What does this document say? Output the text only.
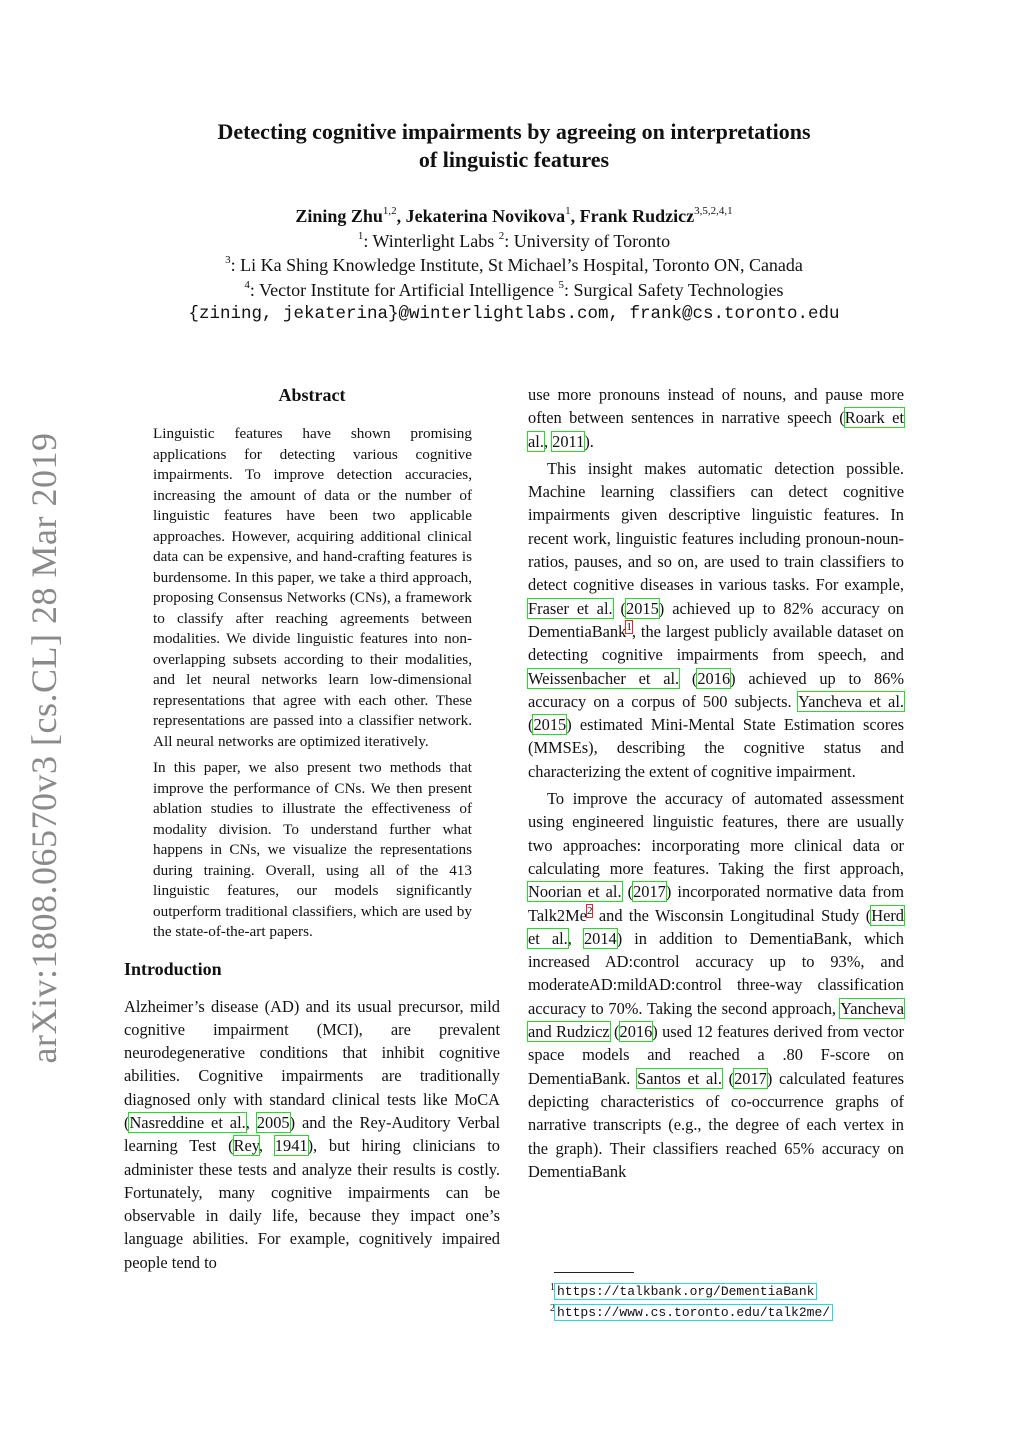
arXiv:1808.06570v3 [cs.CL] 28 Mar 2019
Detecting cognitive impairments by agreeing on interpretations
of linguistic features
Zining Zhu$^{1,2}$, Jekaterina Novikova$^1$, Frank Rudzicz$^{3,5,2,4,1}$
$^1$: Winterlight Labs $^2$: University of Toronto
$^3$: Li Ka Shing Knowledge Institute, St Michael’s Hospital, Toronto ON, Canada
$^4$: Vector Institute for Artificial Intelligence $^5$: Surgical Safety Technologies
{zining, jekaterina}@winterlightlabs.com, frank@cs.toronto.edu
Abstract

Linguistic features have shown promising applications for detecting various cognitive impairments. To improve detection accuracies, increasing the amount of data or the number of linguistic features have been two applicable approaches. However, acquiring additional clinical data can be expensive, and hand-crafting features is burdensome. In this paper, we take a third approach, proposing Consensus Networks (CNs), a framework to classify after reaching agreements between modalities. We divide linguistic features into non-overlapping subsets according to their modalities, and let neural networks learn low-dimensional representations that agree with each other. These representations are passed into a classifier network. All neural networks are optimized iteratively.

In this paper, we also present two methods that improve the performance of CNs. We then present ablation studies to illustrate the effectiveness of modality division. To understand further what happens in CNs, we visualize the representations during training. Overall, using all of the 413 linguistic features, our models significantly outperform traditional classifiers, which are used by the state-of-the-art papers.

Introduction

Alzheimer’s disease (AD) and its usual precursor, mild cognitive impairment (MCI), are prevalent neurodegenerative conditions that inhibit cognitive abilities. Cognitive impairments are traditionally diagnosed only with standard clinical tests like MoCA (Nasreddine et al., 2005) and the Rey-Auditory Verbal learning Test (Rey, 1941), but hiring clinicians to administer these tests and analyze their results is costly. Fortunately, many cognitive impairments can be observable in daily life, because they impact one’s language abilities. For example, cognitively impaired people tend to

use more pronouns instead of nouns, and pause more often between sentences in narrative speech (Roark et al., 2011).

This insight makes automatic detection possible. Machine learning classifiers can detect cognitive impairments given descriptive linguistic features. In recent work, linguistic features including pronoun-noun-ratios, pauses, and so on, are used to train classifiers to detect cognitive diseases in various tasks. For example, Fraser et al. (2015) achieved up to 82% accuracy on DementiaBank$^1$, the largest publicly available dataset on detecting cognitive impairments from speech, and Weissenbacher et al. (2016) achieved up to 86% accuracy on a corpus of 500 subjects. Yancheva et al. (2015) estimated Mini-Mental State Estimation scores (MMSEs), describing the cognitive status and characterizing the extent of cognitive impairment.

To improve the accuracy of automated assessment using engineered linguistic features, there are usually two approaches: incorporating more clinical data or calculating more features. Taking the first approach, Noorian et al. (2017) incorporated normative data from Talk2Me$^2$ and the Wisconsin Longitudinal Study (Herd et al., 2014) in addition to DementiaBank, which increased AD:control accuracy up to 93%, and moderateAD:mildAD:control three-way classification accuracy to 70%. Taking the second approach, Yancheva and Rudzicz (2016) used 12 features derived from vector space models and reached a .80 F-score on DementiaBank. Santos et al. (2017) calculated features depicting characteristics of co-occurrence graphs of narrative transcripts (e.g., the degree of each vertex in the graph). Their classifiers reached 65% accuracy on DementiaBank

$^1$ https://talkbank.org/DementiaBank
$^2$ https://www.cs.toronto.edu/talk2me/
